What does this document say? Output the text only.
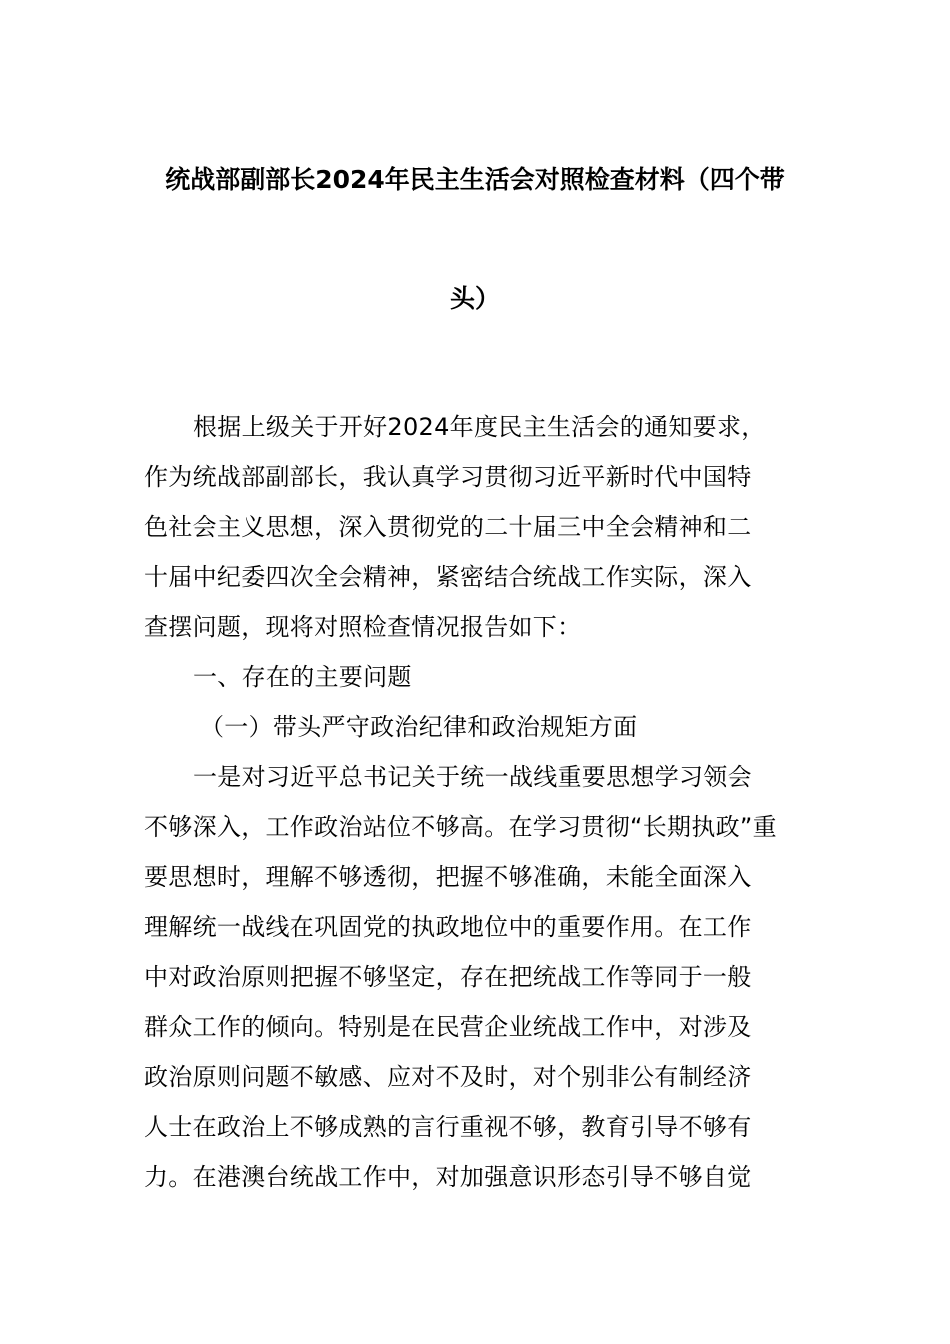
统战部副部长2024年民主生活会对照检查材料（四个带
头）
根据上级关于开好2024年度民主生活会的通知要求，
作为统战部副部长，我认真学习贯彻习近平新时代中国特
色社会主义思想，深入贯彻党的二十届三中全会精神和二
十届中纪委四次全会精神，紧密结合统战工作实际，深入
查摆问题，现将对照检查情况报告如下：
一、存在的主要问题
（一）带头严守政治纪律和政治规矩方面
一是对习近平总书记关于统一战线重要思想学习领会
不够深入，工作政治站位不够高。在学习贯彻“长期执政”重
要思想时，理解不够透彻，把握不够准确，未能全面深入
理解统一战线在巩固党的执政地位中的重要作用。在工作
中对政治原则把握不够坚定，存在把统战工作等同于一般
群众工作的倾向。特别是在民营企业统战工作中，对涉及
政治原则问题不敏感、应对不及时，对个别非公有制经济
人士在政治上不够成熟的言行重视不够，教育引导不够有
力。在港澳台统战工作中，对加强意识形态引导不够自觉
